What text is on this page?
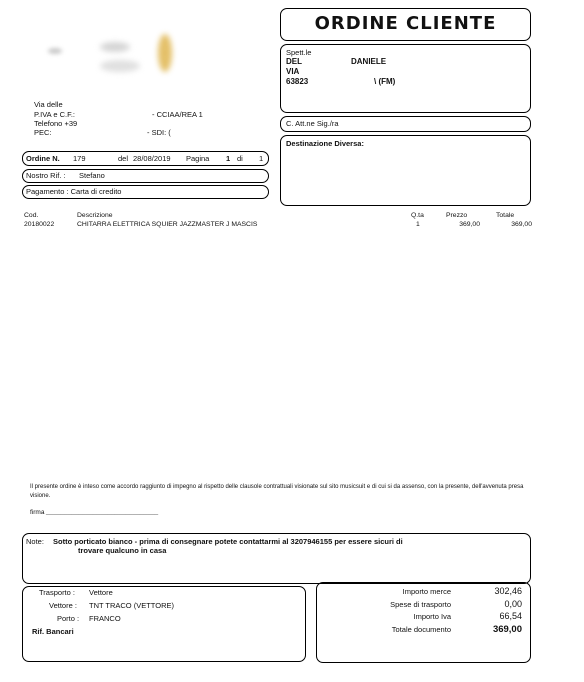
Via delle
P.IVA e C.F.:	- CCIAA/REA 1
Telefono +39
PEC:	- SDI: (
ORDINE CLIENTE
Spett.le
DEL	DANIELE
VIA
63823	\ (FM)
C. Att.ne Sig./ra
Destinazione Diversa:
Ordine N. 179	del 28/08/2019 Pagina 1 di 1
Nostro Rif. : Stefano
Pagamento : Carta di credito
Cod.	Descrizione	Q.ta	Prezzo	Totale
20180022	CHITARRA ELETTRICA SQUIER JAZZMASTER J MASCIS	1	369,00	369,00
Il presente ordine è inteso come accordo raggiunto di impegno al rispetto delle clausole contrattuali visionate sul sito musicsuit e di cui si da assenso, con la presente, dell'avvenuta presa visione.
firma _______________________________
Note: Sotto porticato bianco - prima di consegnare potete contattarmi al 3207946155 per essere sicuri di
trovare qualcuno in casa
Trasporto : Vettore
Vettore : TNT TRACO (VETTORE)
Porto : FRANCO
Rif. Bancari
Importo merce	302,46
Spese di trasporto	0,00
Importo Iva	66,54
Totale documento	369,00
